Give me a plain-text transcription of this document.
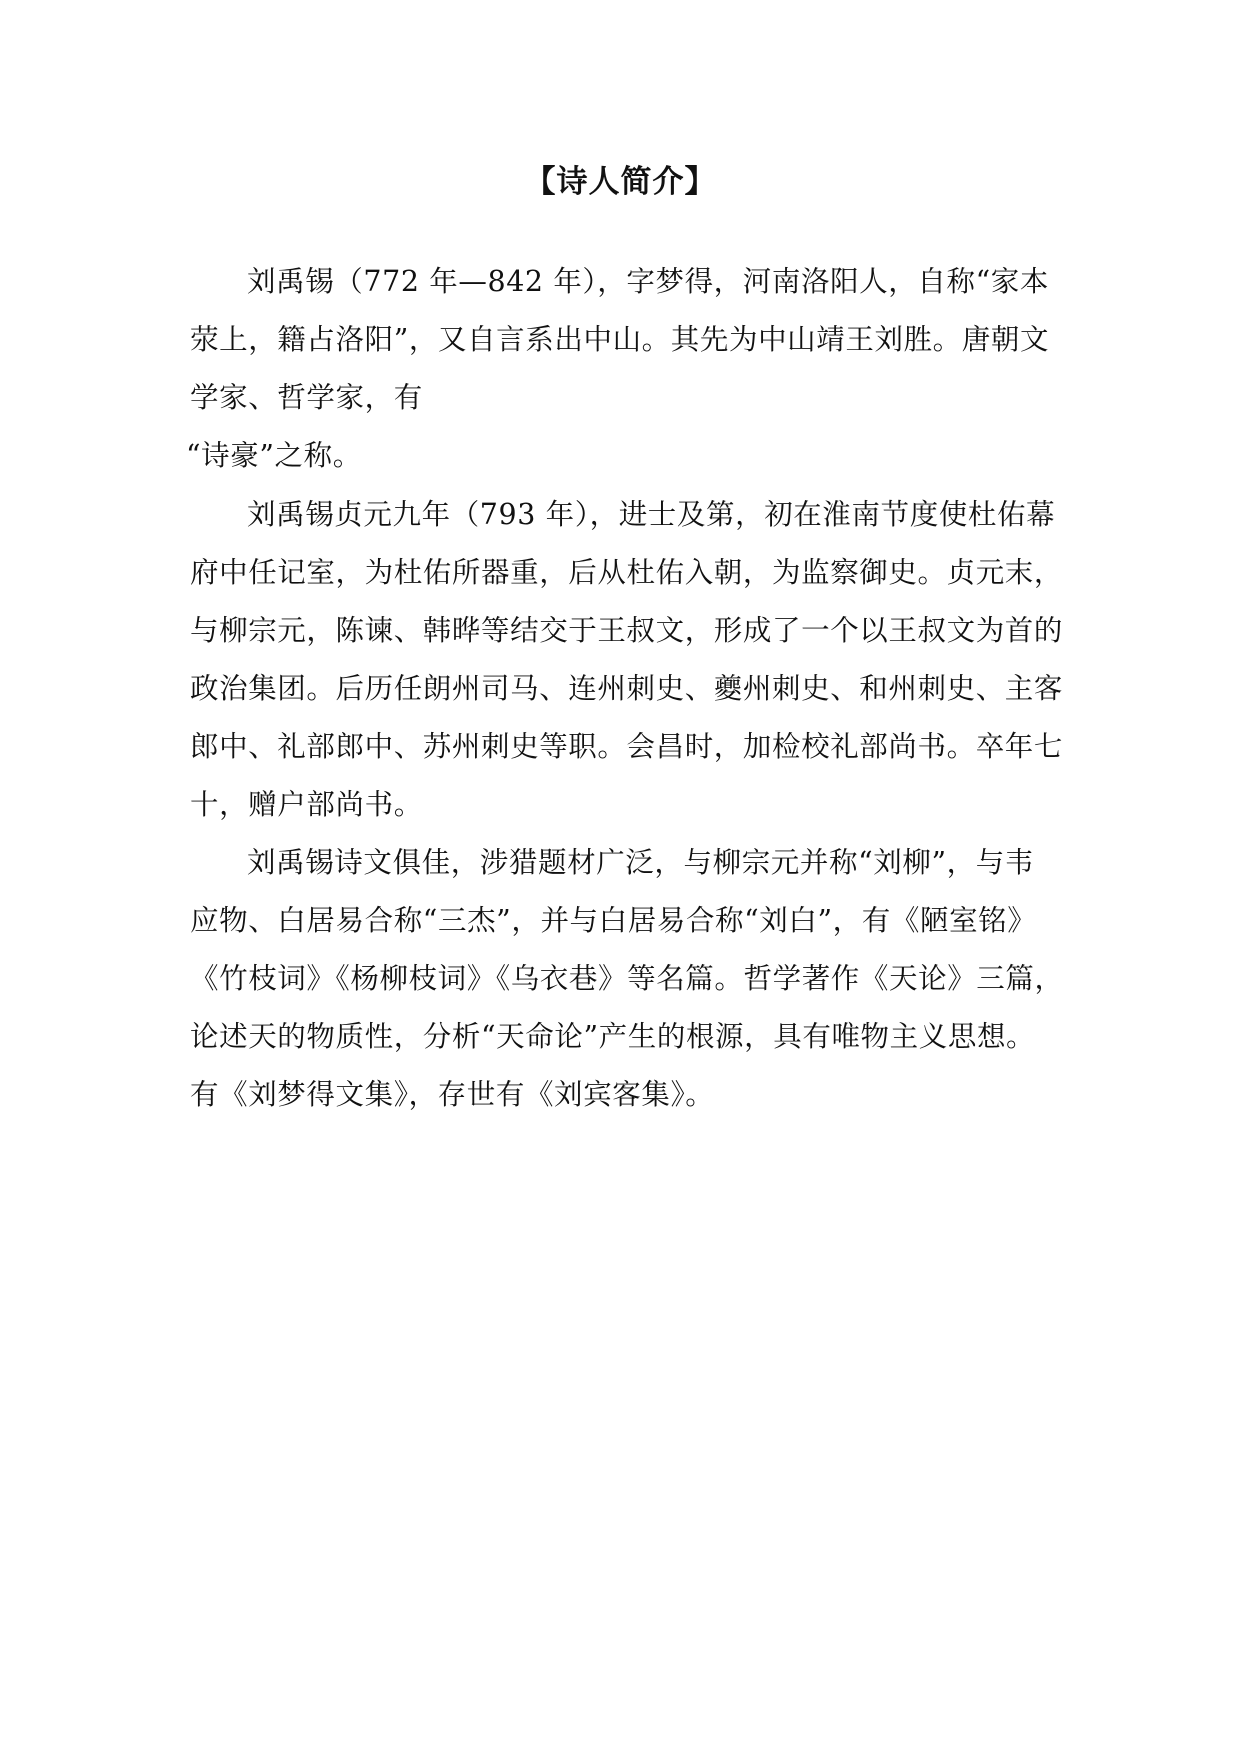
【诗人简介】
刘禹锡（772 年—842 年），字梦得，河南洛阳人，自称“家本
荥上，籍占洛阳”，又自言系出中山。其先为中山靖王刘胜。唐朝文
学家、哲学家，有
“诗豪”之称。
刘禹锡贞元九年（793 年），进士及第，初在淮南节度使杜佑幕
府中任记室，为杜佑所器重，后从杜佑入朝，为监察御史。贞元末，
与柳宗元，陈谏、韩晔等结交于王叔文，形成了一个以王叔文为首的
政治集团。后历任朗州司马、连州刺史、夔州刺史、和州刺史、主客
郎中、礼部郎中、苏州刺史等职。会昌时，加检校礼部尚书。卒年七
十，赠户部尚书。
刘禹锡诗文俱佳，涉猎题材广泛，与柳宗元并称“刘柳”，与韦
应物、白居易合称“三杰”，并与白居易合称“刘白”，有《陋室铭》
《竹枝词》《杨柳枝词》《乌衣巷》等名篇。哲学著作《天论》三篇，
论述天的物质性，分析“天命论”产生的根源，具有唯物主义思想。
有《刘梦得文集》，存世有《刘宾客集》。
